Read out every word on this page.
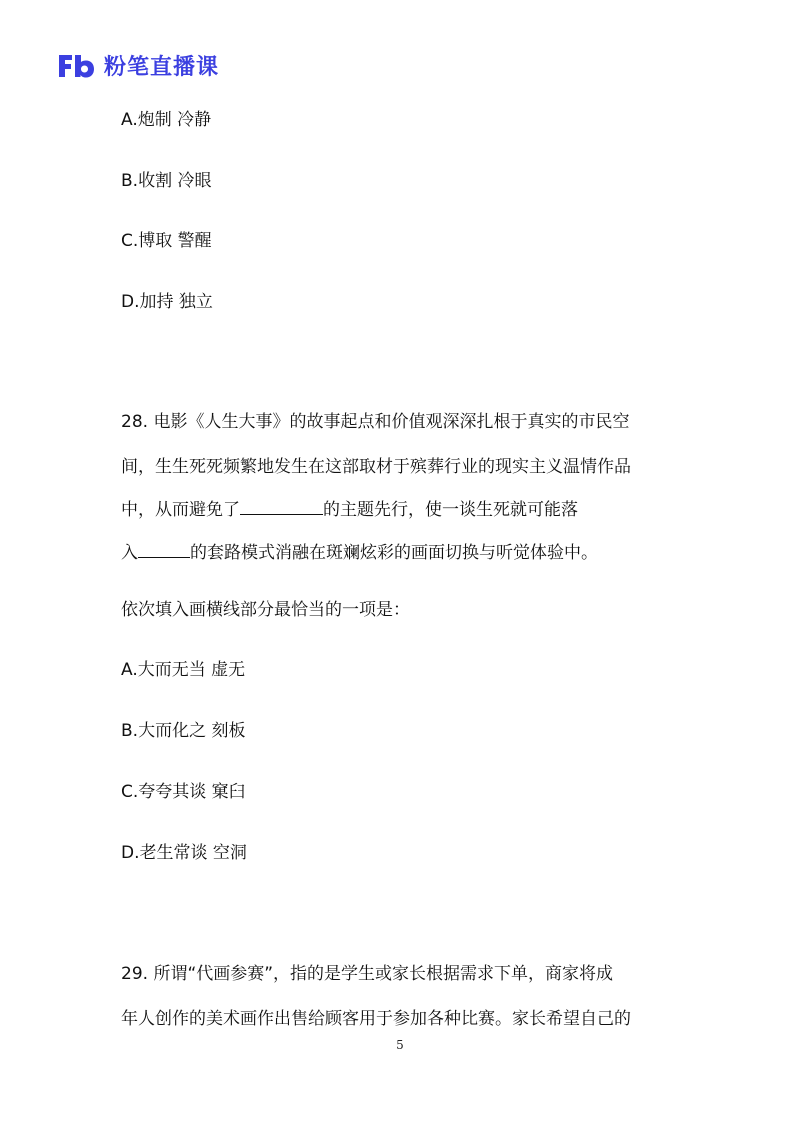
粉笔直播课
A.炮制 冷静
B.收割 冷眼
C.博取 警醒
D.加持 独立
28. 电影《人生大事》的故事起点和价值观深深扎根于真实的市民空
间，生生死死频繁地发生在这部取材于殡葬行业的现实主义温情作品
中，从而避免了	的主题先行，使一谈生死就可能落
入	的套路模式消融在斑斓炫彩的画面切换与听觉体验中。
依次填入画横线部分最恰当的一项是：
A.大而无当 虚无
B.大而化之 刻板
C.夸夸其谈 窠臼
D.老生常谈 空洞
29. 所谓“代画参赛”，指的是学生或家长根据需求下单，商家将成
年人创作的美术画作出售给顾客用于参加各种比赛。家长希望自己的
5
